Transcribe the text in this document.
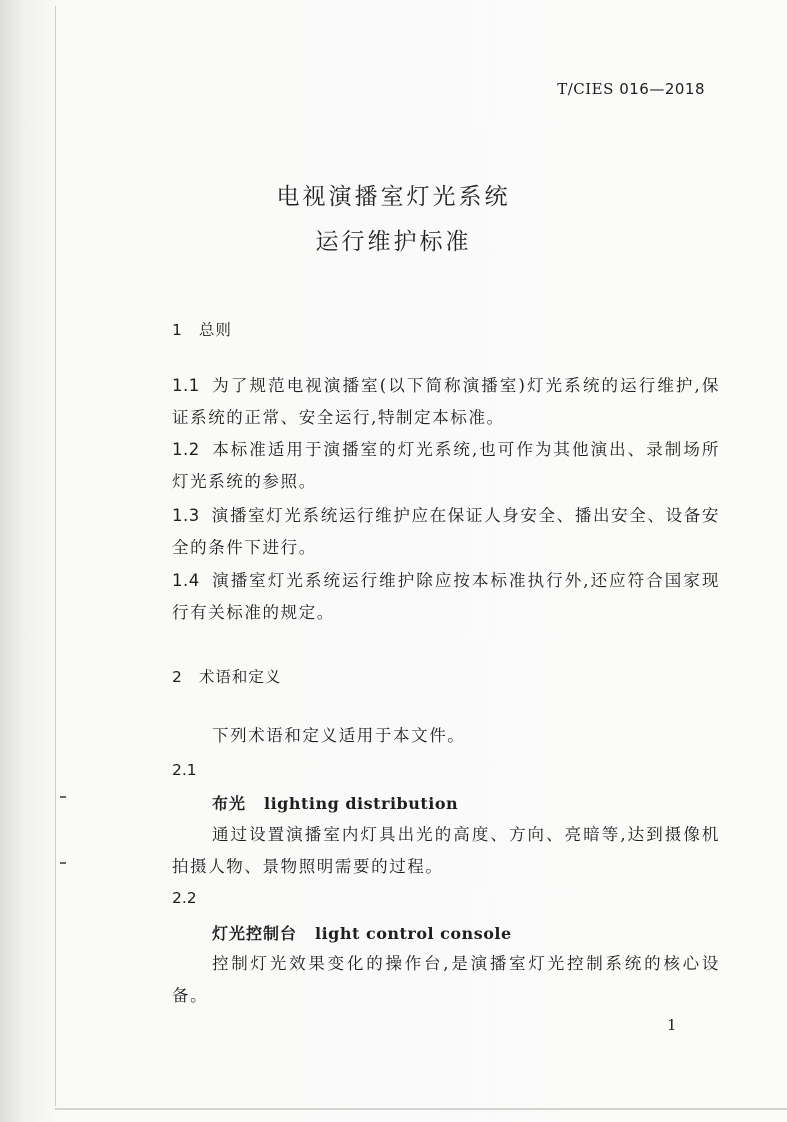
T/CIES 016—2018
电视演播室灯光系统
运行维护标准
1 总则
1.1 为了规范电视演播室(以下简称演播室)灯光系统的运行维护,保证系统的正常、安全运行,特制定本标准。
1.2 本标准适用于演播室的灯光系统,也可作为其他演出、录制场所灯光系统的参照。
1.3 演播室灯光系统运行维护应在保证人身安全、播出安全、设备安全的条件下进行。
1.4 演播室灯光系统运行维护除应按本标准执行外,还应符合国家现行有关标准的规定。
2 术语和定义
下列术语和定义适用于本文件。
2.1
布光 lighting distribution
通过设置演播室内灯具出光的高度、方向、亮暗等,达到摄像机拍摄人物、景物照明需要的过程。
2.2
灯光控制台 light control console
控制灯光效果变化的操作台,是演播室灯光控制系统的核心设备。
1
